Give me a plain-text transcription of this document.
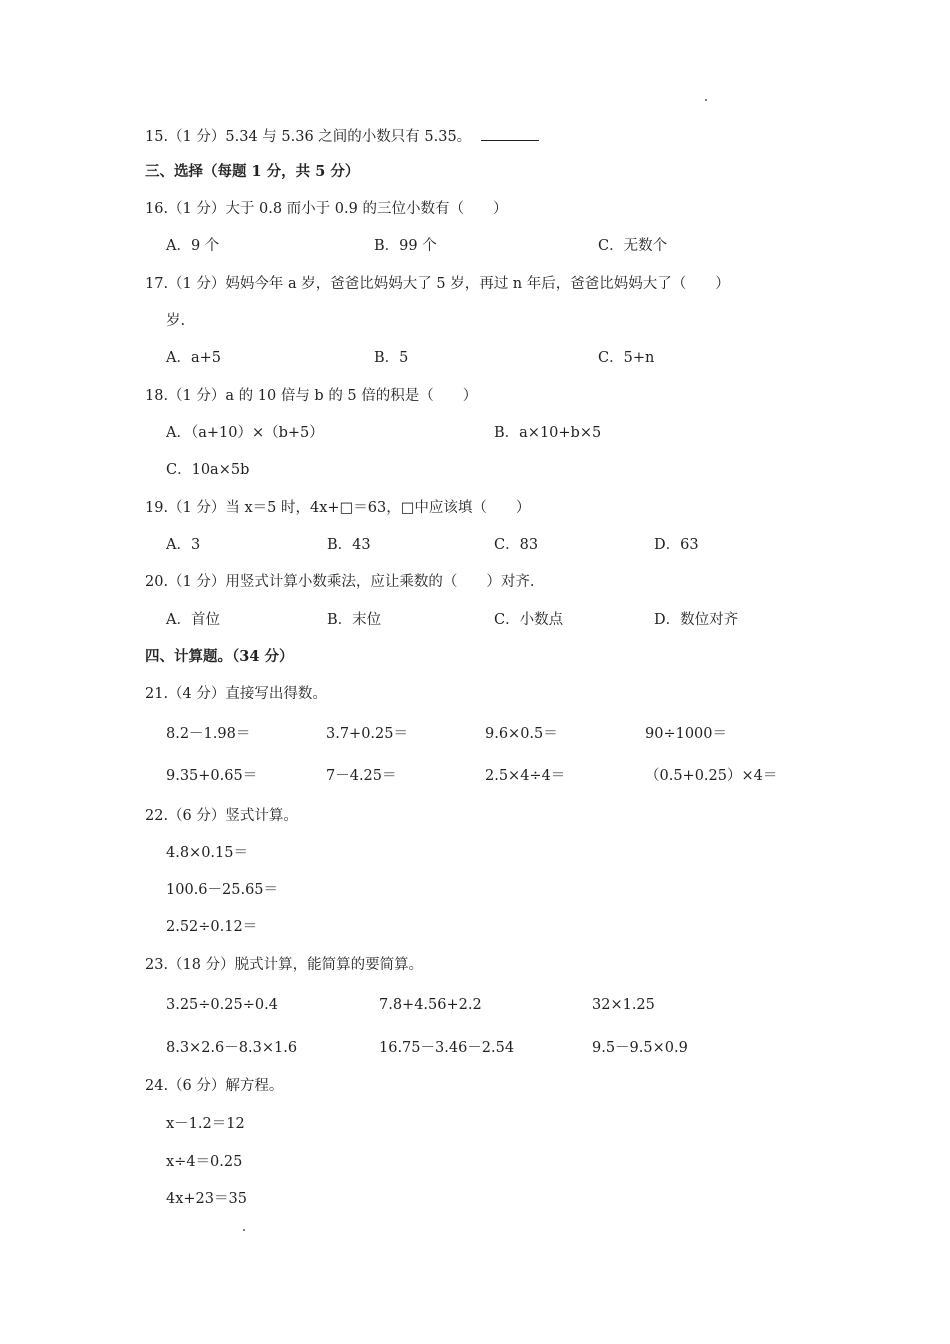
15.（1 分）5.34 与 5.36 之间的小数只有 5.35。
三、选择（每题 1 分，共 5 分）
16.（1 分）大于 0.8 而小于 0.9 的三位小数有（　　）
A．9 个	B．99 个	C．无数个
17.（1 分）妈妈今年 a 岁，爸爸比妈妈大了 5 岁，再过 n 年后，爸爸比妈妈大了（　　）
岁.
A．a+5	B．5	C．5+n
18.（1 分）a 的 10 倍与 b 的 5 倍的积是（　　）
A．（a+10）×（b+5）	B．a×10+b×5
C．10a×5b
19.（1 分）当 x＝5 时，4x+□＝63，□中应该填（　　）
A．3	B．43	C．83	D．63
20.（1 分）用竖式计算小数乘法，应让乘数的（　　）对齐.
A．首位	B．末位	C．小数点	D．数位对齐
四、计算题。（34 分）
21.（4 分）直接写出得数。
8.2－1.98＝	3.7+0.25＝	9.6×0.5＝	90÷1000＝
9.35+0.65＝	7－4.25＝	2.5×4÷4＝	（0.5+0.25）×4＝
22.（6 分）竖式计算。
4.8×0.15＝
100.6－25.65＝
2.52÷0.12＝
23.（18 分）脱式计算，能简算的要简算。
3.25÷0.25÷0.4	7.8+4.56+2.2	32×1.25
8.3×2.6－8.3×1.6	16.75－3.46－2.54	9.5－9.5×0.9
24.（6 分）解方程。
x－1.2＝12
x÷4＝0.25
4x+23＝35
